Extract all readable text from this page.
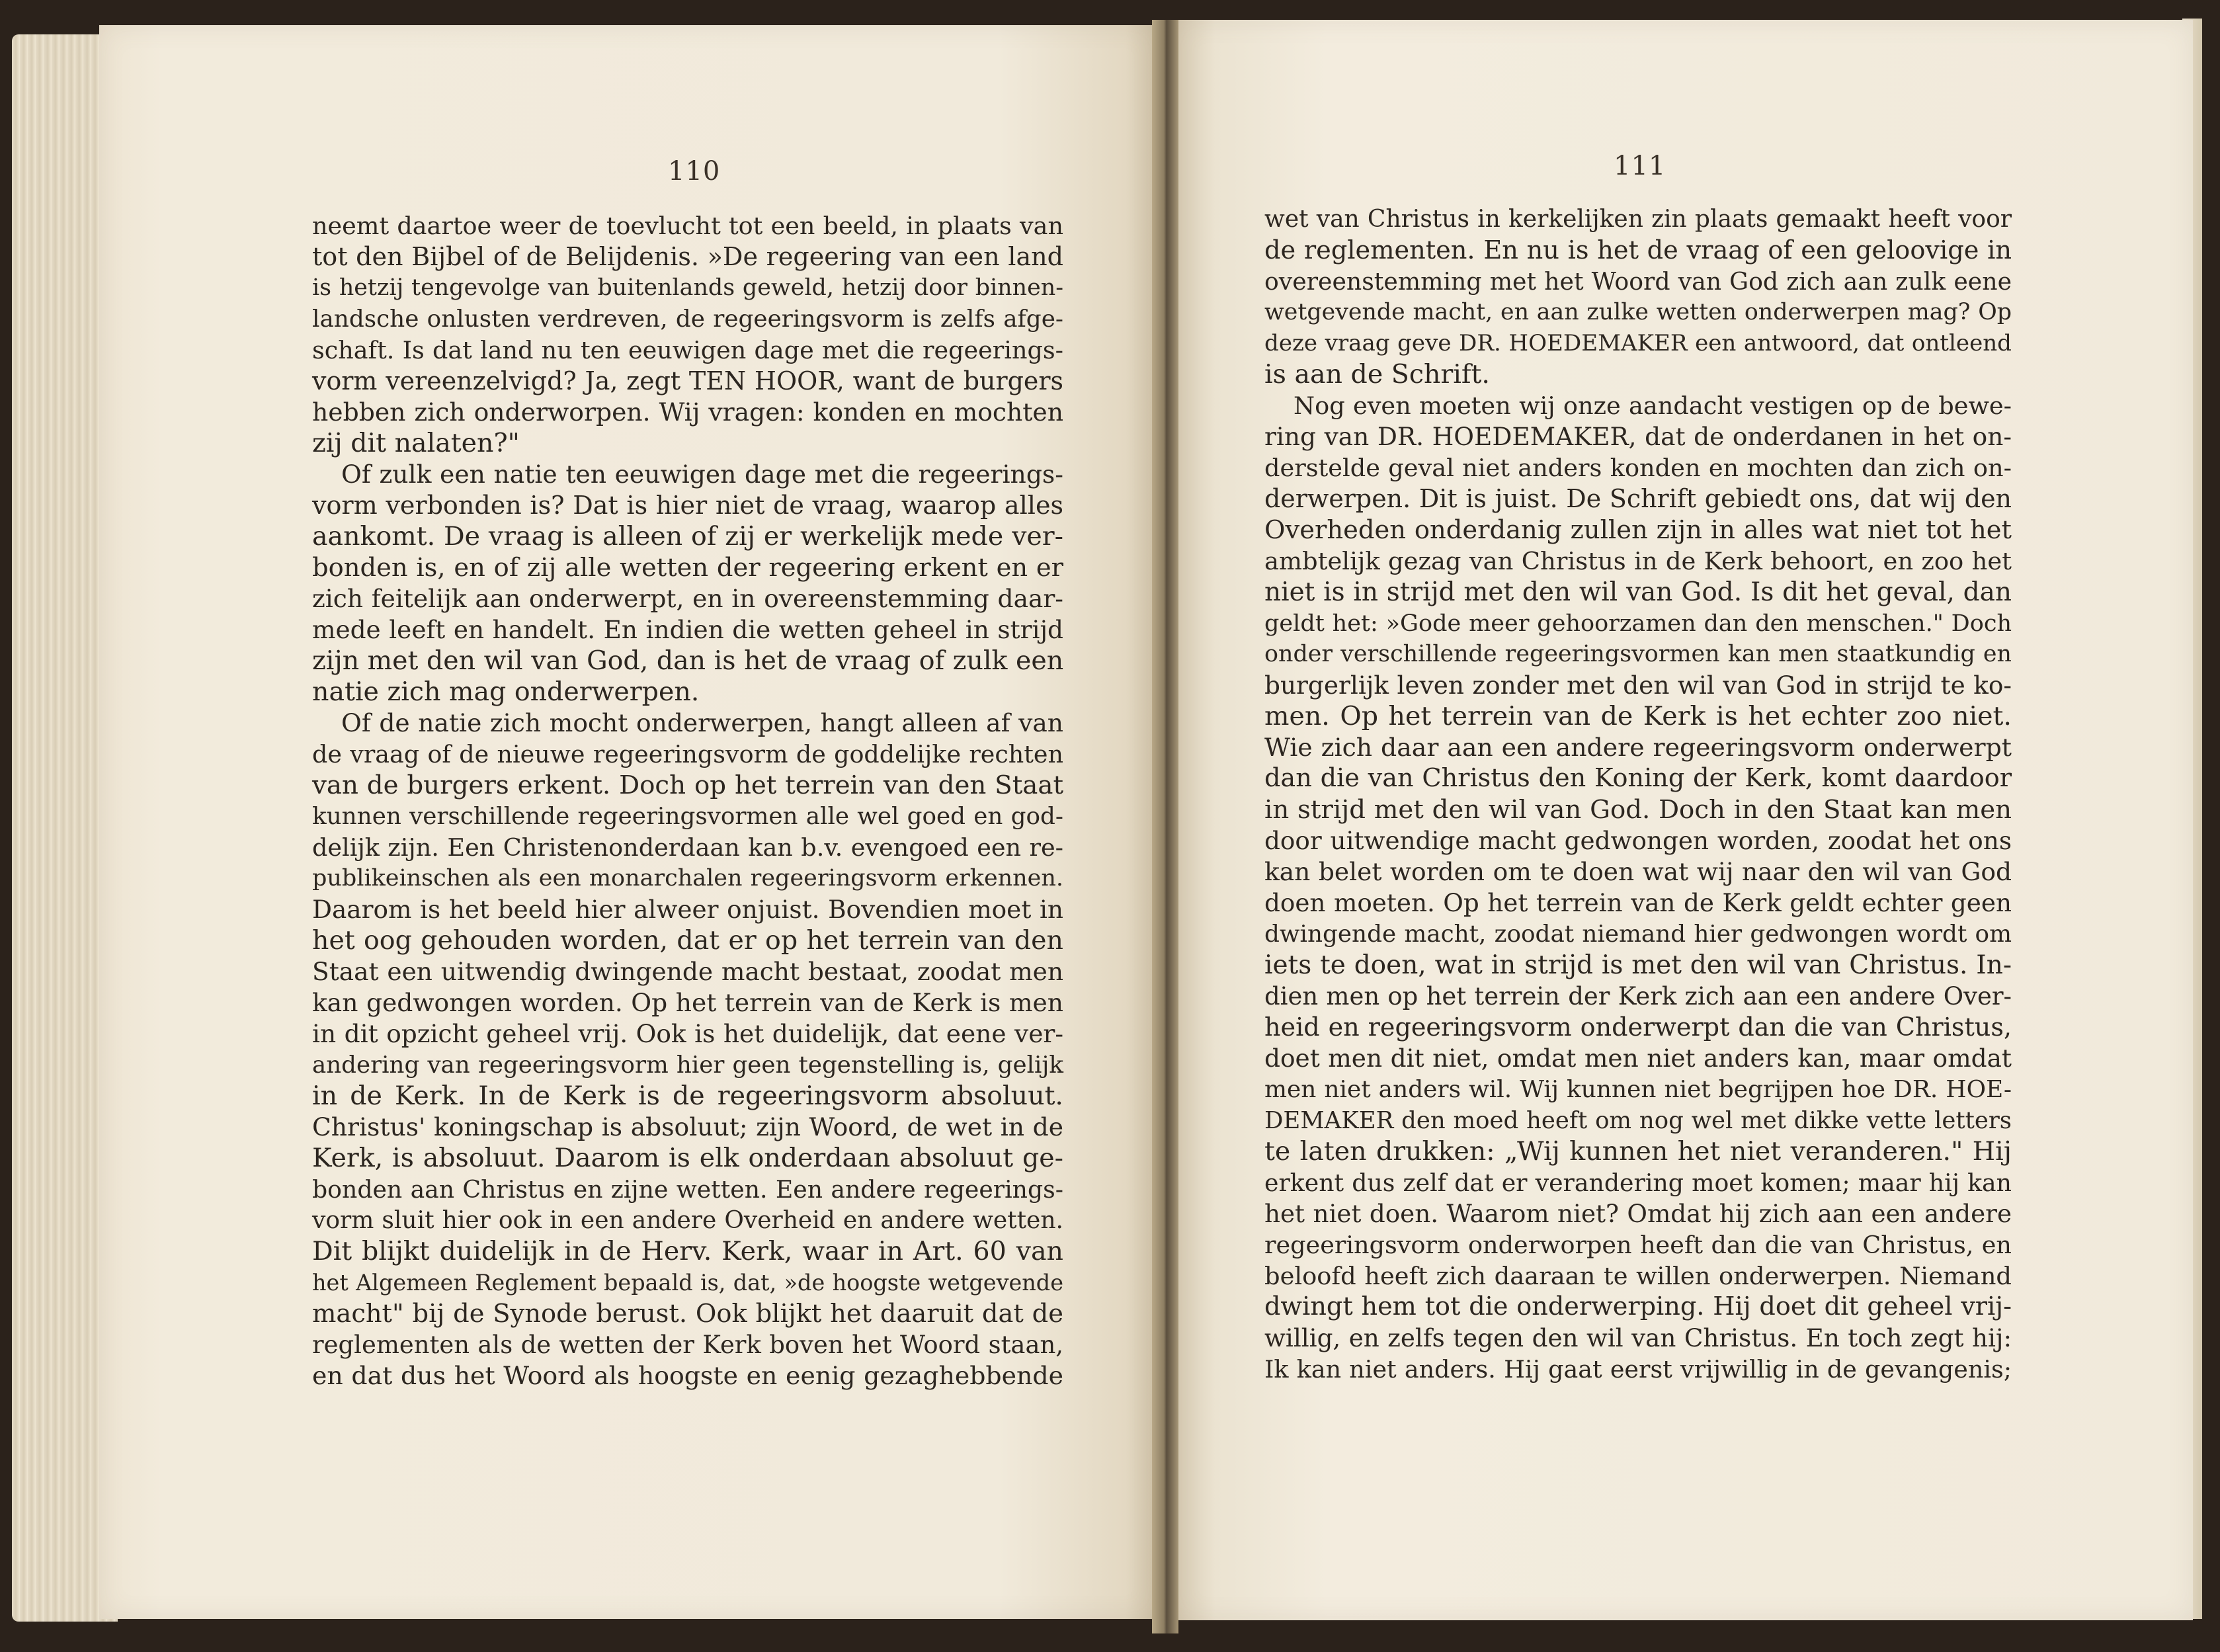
110	111
neemt daartoe weer de toevlucht tot een beeld, in plaats van
tot den Bijbel of de Belijdenis. »De regeering van een land
is hetzij tengevolge van buitenlands geweld, hetzij door binnen-
landsche onlusten verdreven, de regeeringsvorm is zelfs afge-
schaft. Is dat land nu ten eeuwigen dage met die regeerings-
vorm vereenzelvigd? Ja, zegt TEN HOOR, want de burgers
hebben zich onderworpen. Wij vragen: konden en mochten
zij dit nalaten?"
Of zulk een natie ten eeuwigen dage met die regeerings-
vorm verbonden is? Dat is hier niet de vraag, waarop alles
aankomt. De vraag is alleen of zij er werkelijk mede ver-
bonden is, en of zij alle wetten der regeering erkent en er
zich feitelijk aan onderwerpt, en in overeenstemming daar-
mede leeft en handelt. En indien die wetten geheel in strijd
zijn met den wil van God, dan is het de vraag of zulk een
natie zich mag onderwerpen.
Of de natie zich mocht onderwerpen, hangt alleen af van
de vraag of de nieuwe regeeringsvorm de goddelijke rechten
van de burgers erkent. Doch op het terrein van den Staat
kunnen verschillende regeeringsvormen alle wel goed en god-
delijk zijn. Een Christenonderdaan kan b.v. evengoed een re-
publikeinschen als een monarchalen regeeringsvorm erkennen.
Daarom is het beeld hier alweer onjuist. Bovendien moet in
het oog gehouden worden, dat er op het terrein van den
Staat een uitwendig dwingende macht bestaat, zoodat men
kan gedwongen worden. Op het terrein van de Kerk is men
in dit opzicht geheel vrij. Ook is het duidelijk, dat eene ver-
andering van regeeringsvorm hier geen tegenstelling is, gelijk
in de Kerk. In de Kerk is de regeeringsvorm absoluut.
Christus' koningschap is absoluut; zijn Woord, de wet in de
Kerk, is absoluut. Daarom is elk onderdaan absoluut ge-
bonden aan Christus en zijne wetten. Een andere regeerings-
vorm sluit hier ook in een andere Overheid en andere wetten.
Dit blijkt duidelijk in de Herv. Kerk, waar in Art. 60 van
het Algemeen Reglement bepaald is, dat, »de hoogste wetgevende
macht" bij de Synode berust. Ook blijkt het daaruit dat de
reglementen als de wetten der Kerk boven het Woord staan,
en dat dus het Woord als hoogste en eenig gezaghebbende
wet van Christus in kerkelijken zin plaats gemaakt heeft voor
de reglementen. En nu is het de vraag of een geloovige in
overeenstemming met het Woord van God zich aan zulk eene
wetgevende macht, en aan zulke wetten onderwerpen mag? Op
deze vraag geve DR. HOEDEMAKER een antwoord, dat ontleend
is aan de Schrift.
Nog even moeten wij onze aandacht vestigen op de bewe-
ring van DR. HOEDEMAKER, dat de onderdanen in het on-
derstelde geval niet anders konden en mochten dan zich on-
derwerpen. Dit is juist. De Schrift gebiedt ons, dat wij den
Overheden onderdanig zullen zijn in alles wat niet tot het
ambtelijk gezag van Christus in de Kerk behoort, en zoo het
niet is in strijd met den wil van God. Is dit het geval, dan
geldt het: »Gode meer gehoorzamen dan den menschen." Doch
onder verschillende regeeringsvormen kan men staatkundig en
burgerlijk leven zonder met den wil van God in strijd te ko-
men. Op het terrein van de Kerk is het echter zoo niet.
Wie zich daar aan een andere regeeringsvorm onderwerpt
dan die van Christus den Koning der Kerk, komt daardoor
in strijd met den wil van God. Doch in den Staat kan men
door uitwendige macht gedwongen worden, zoodat het ons
kan belet worden om te doen wat wij naar den wil van God
doen moeten. Op het terrein van de Kerk geldt echter geen
dwingende macht, zoodat niemand hier gedwongen wordt om
iets te doen, wat in strijd is met den wil van Christus. In-
dien men op het terrein der Kerk zich aan een andere Over-
heid en regeeringsvorm onderwerpt dan die van Christus,
doet men dit niet, omdat men niet anders kan, maar omdat
men niet anders wil. Wij kunnen niet begrijpen hoe DR. HOE-
DEMAKER den moed heeft om nog wel met dikke vette letters
te laten drukken: „Wij kunnen het niet veranderen." Hij
erkent dus zelf dat er verandering moet komen; maar hij kan
het niet doen. Waarom niet? Omdat hij zich aan een andere
regeeringsvorm onderworpen heeft dan die van Christus, en
beloofd heeft zich daaraan te willen onderwerpen. Niemand
dwingt hem tot die onderwerping. Hij doet dit geheel vrij-
willig, en zelfs tegen den wil van Christus. En toch zegt hij:
Ik kan niet anders. Hij gaat eerst vrijwillig in de gevangenis;
